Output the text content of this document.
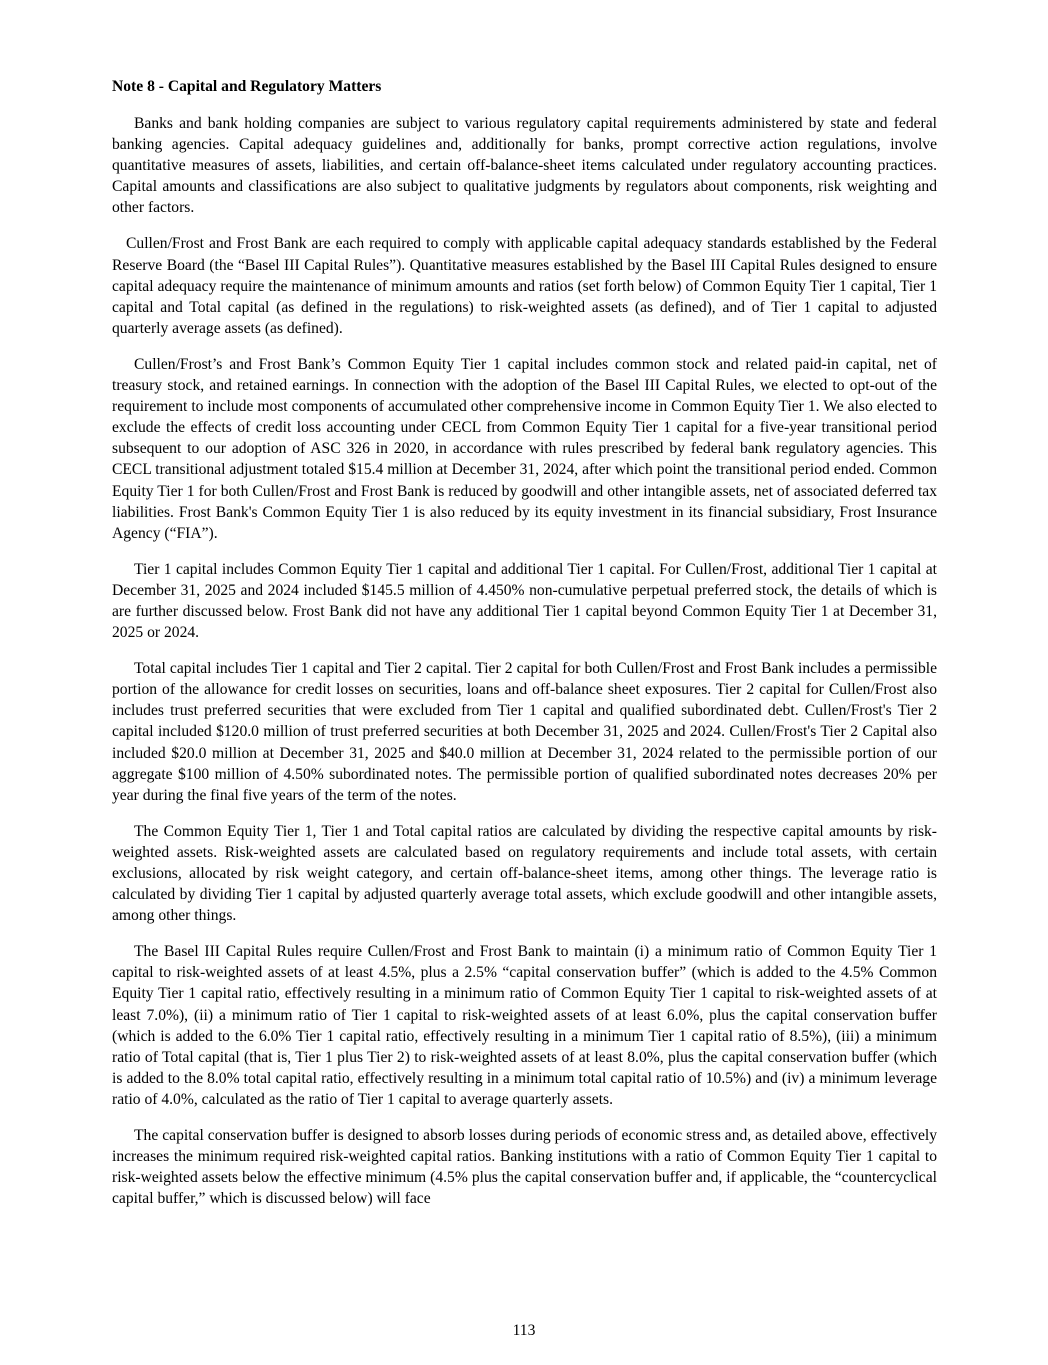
Note 8 - Capital and Regulatory Matters

Banks and bank holding companies are subject to various regulatory capital requirements administered by state and federal banking agencies. Capital adequacy guidelines and, additionally for banks, prompt corrective action regulations, involve quantitative measures of assets, liabilities, and certain off-balance-sheet items calculated under regulatory accounting practices. Capital amounts and classifications are also subject to qualitative judgments by regulators about components, risk weighting and other factors.

Cullen/Frost and Frost Bank are each required to comply with applicable capital adequacy standards established by the Federal Reserve Board (the “Basel III Capital Rules”). Quantitative measures established by the Basel III Capital Rules designed to ensure capital adequacy require the maintenance of minimum amounts and ratios (set forth below) of Common Equity Tier 1 capital, Tier 1 capital and Total capital (as defined in the regulations) to risk-weighted assets (as defined), and of Tier 1 capital to adjusted quarterly average assets (as defined).

Cullen/Frost’s and Frost Bank’s Common Equity Tier 1 capital includes common stock and related paid-in capital, net of treasury stock, and retained earnings. In connection with the adoption of the Basel III Capital Rules, we elected to opt-out of the requirement to include most components of accumulated other comprehensive income in Common Equity Tier 1. We also elected to exclude the effects of credit loss accounting under CECL from Common Equity Tier 1 capital for a five-year transitional period subsequent to our adoption of ASC 326 in 2020, in accordance with rules prescribed by federal bank regulatory agencies. This CECL transitional adjustment totaled $15.4 million at December 31, 2024, after which point the transitional period ended. Common Equity Tier 1 for both Cullen/Frost and Frost Bank is reduced by goodwill and other intangible assets, net of associated deferred tax liabilities. Frost Bank's Common Equity Tier 1 is also reduced by its equity investment in its financial subsidiary, Frost Insurance Agency (“FIA”).

Tier 1 capital includes Common Equity Tier 1 capital and additional Tier 1 capital. For Cullen/Frost, additional Tier 1 capital at December 31, 2025 and 2024 included $145.5 million of 4.450% non-cumulative perpetual preferred stock, the details of which is are further discussed below. Frost Bank did not have any additional Tier 1 capital beyond Common Equity Tier 1 at December 31, 2025 or 2024.

Total capital includes Tier 1 capital and Tier 2 capital. Tier 2 capital for both Cullen/Frost and Frost Bank includes a permissible portion of the allowance for credit losses on securities, loans and off-balance sheet exposures. Tier 2 capital for Cullen/Frost also includes trust preferred securities that were excluded from Tier 1 capital and qualified subordinated debt. Cullen/Frost's Tier 2 capital included $120.0 million of trust preferred securities at both December 31, 2025 and 2024. Cullen/Frost's Tier 2 Capital also included $20.0 million at December 31, 2025 and $40.0 million at December 31, 2024 related to the permissible portion of our aggregate $100 million of 4.50% subordinated notes. The permissible portion of qualified subordinated notes decreases 20% per year during the final five years of the term of the notes.

The Common Equity Tier 1, Tier 1 and Total capital ratios are calculated by dividing the respective capital amounts by risk-weighted assets. Risk-weighted assets are calculated based on regulatory requirements and include total assets, with certain exclusions, allocated by risk weight category, and certain off-balance-sheet items, among other things. The leverage ratio is calculated by dividing Tier 1 capital by adjusted quarterly average total assets, which exclude goodwill and other intangible assets, among other things.

The Basel III Capital Rules require Cullen/Frost and Frost Bank to maintain (i) a minimum ratio of Common Equity Tier 1 capital to risk-weighted assets of at least 4.5%, plus a 2.5% “capital conservation buffer” (which is added to the 4.5% Common Equity Tier 1 capital ratio, effectively resulting in a minimum ratio of Common Equity Tier 1 capital to risk-weighted assets of at least 7.0%), (ii) a minimum ratio of Tier 1 capital to risk-weighted assets of at least 6.0%, plus the capital conservation buffer (which is added to the 6.0% Tier 1 capital ratio, effectively resulting in a minimum Tier 1 capital ratio of 8.5%), (iii) a minimum ratio of Total capital (that is, Tier 1 plus Tier 2) to risk-weighted assets of at least 8.0%, plus the capital conservation buffer (which is added to the 8.0% total capital ratio, effectively resulting in a minimum total capital ratio of 10.5%) and (iv) a minimum leverage ratio of 4.0%, calculated as the ratio of Tier 1 capital to average quarterly assets.

The capital conservation buffer is designed to absorb losses during periods of economic stress and, as detailed above, effectively increases the minimum required risk-weighted capital ratios. Banking institutions with a ratio of Common Equity Tier 1 capital to risk-weighted assets below the effective minimum (4.5% plus the capital conservation buffer and, if applicable, the “countercyclical capital buffer,” which is discussed below) will face

113
